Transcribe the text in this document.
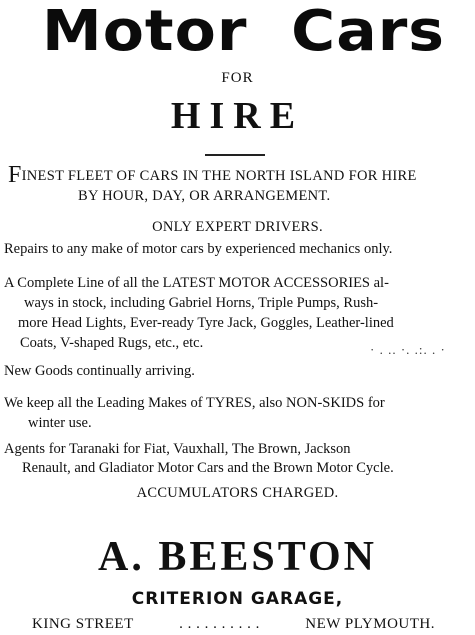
Motor Cars
FOR
HIRE
FINEST FLEET OF CARS IN THE NORTH ISLAND FOR HIRE
BY HOUR, DAY, OR ARRANGEMENT.
ONLY EXPERT DRIVERS.
Repairs to any make of motor cars by experienced mechanics only.
A Complete Line of all the LATEST MOTOR ACCESSORIES al-
ways in stock, including Gabriel Horns, Triple Pumps, Rush-
more Head Lights, Ever-ready Tyre Jack, Goggles, Leather-lined
Coats, V-shaped Rugs, etc., etc.	· . .. ·. .:. . ·
New Goods continually arriving.
We keep all the Leading Makes of TYRES, also NON-SKIDS for
winter use.
Agents for Taranaki for Fiat, Vauxhall, The Brown, Jackson
Renault, and Gladiator Motor Cars and the Brown Motor Cycle.
ACCUMULATORS CHARGED.
A. BEESTON
CRITERION GARAGE,
KING STREET	. . . . . . . . . .	NEW PLYMOUTH.
